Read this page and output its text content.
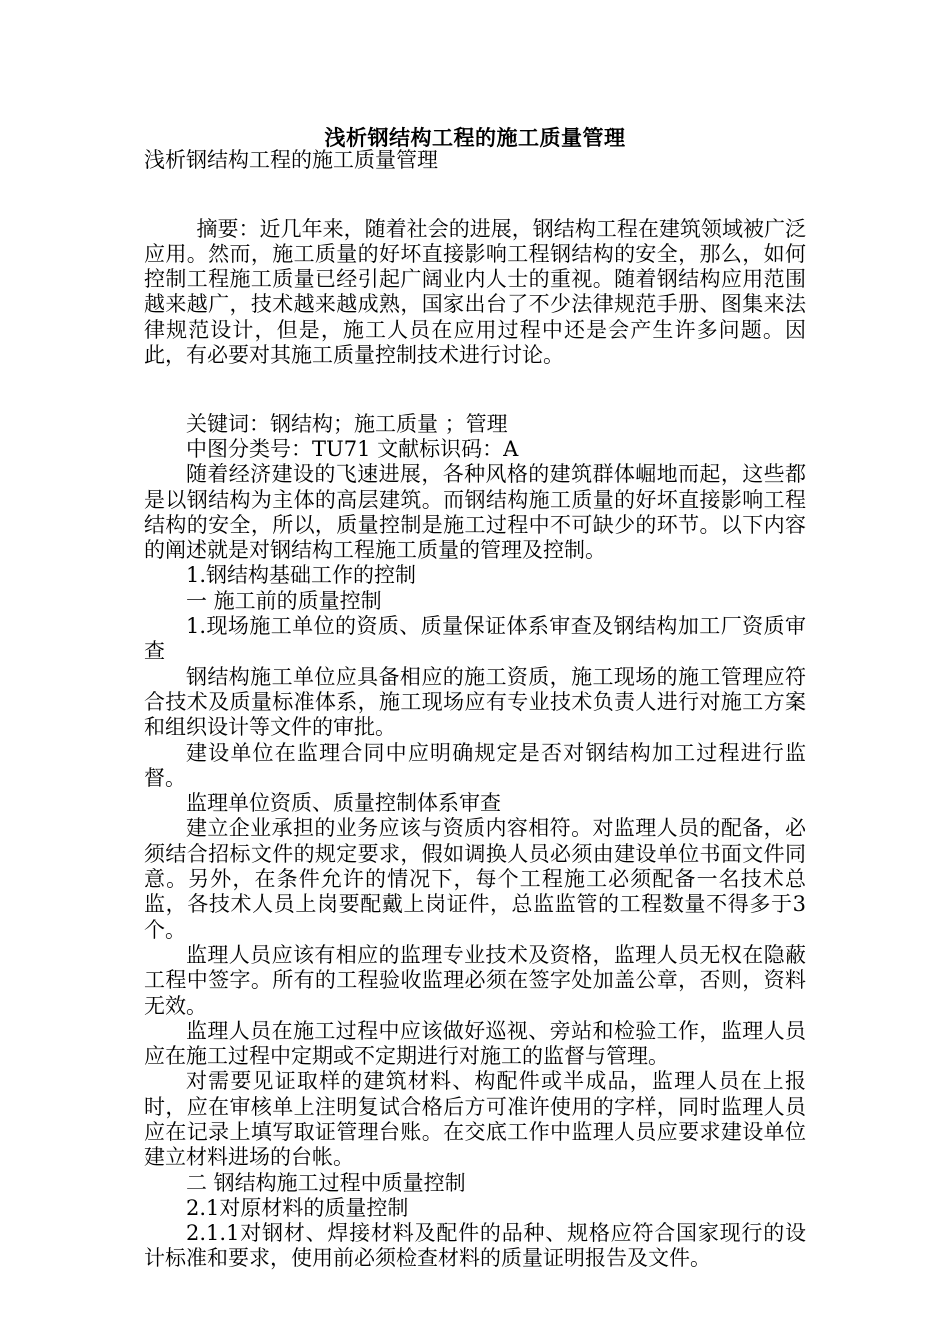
浅析钢结构工程的施工质量管理

浅析钢结构工程的施工质量管理

摘要：近几年来，随着社会的进展，钢结构工程在建筑领域被广泛应用。然而，施工质量的好坏直接影响工程钢结构的安全，那么，如何控制工程施工质量已经引起广阔业内人士的重视。随着钢结构应用范围越来越广，技术越来越成熟，国家出台了不少法律规范手册、图集来法律规范设计，但是，施工人员在应用过程中还是会产生许多问题。因此，有必要对其施工质量控制技术进行讨论。

关键词：钢结构；施工质量 ；管理

中图分类号：TU71 文献标识码：A

随着经济建设的飞速进展，各种风格的建筑群体崛地而起，这些都是以钢结构为主体的高层建筑。而钢结构施工质量的好坏直接影响工程结构的安全，所以，质量控制是施工过程中不可缺少的环节。以下内容的阐述就是对钢结构工程施工质量的管理及控制。

1.钢结构基础工作的控制

一 施工前的质量控制

1.现场施工单位的资质、质量保证体系审查及钢结构加工厂资质审查

钢结构施工单位应具备相应的施工资质，施工现场的施工管理应符合技术及质量标准体系，施工现场应有专业技术负责人进行对施工方案和组织设计等文件的审批。

建设单位在监理合同中应明确规定是否对钢结构加工过程进行监督。

监理单位资质、质量控制体系审查

建立企业承担的业务应该与资质内容相符。对监理人员的配备，必须结合招标文件的规定要求，假如调换人员必须由建设单位书面文件同意。另外，在条件允许的情况下，每个工程施工必须配备一名技术总监，各技术人员上岗要配戴上岗证件，总监监管的工程数量不得多于3个。

监理人员应该有相应的监理专业技术及资格，监理人员无权在隐蔽工程中签字。所有的工程验收监理必须在签字处加盖公章，否则，资料无效。

监理人员在施工过程中应该做好巡视、旁站和检验工作，监理人员应在施工过程中定期或不定期进行对施工的监督与管理。

对需要见证取样的建筑材料、构配件或半成品，监理人员在上报时，应在审核单上注明复试合格后方可准许使用的字样，同时监理人员应在记录上填写取证管理台账。在交底工作中监理人员应要求建设单位建立材料进场的台帐。

二 钢结构施工过程中质量控制

2.1对原材料的质量控制

2.1.1对钢材、焊接材料及配件的品种、规格应符合国家现行的设计标准和要求，使用前必须检查材料的质量证明报告及文件。
